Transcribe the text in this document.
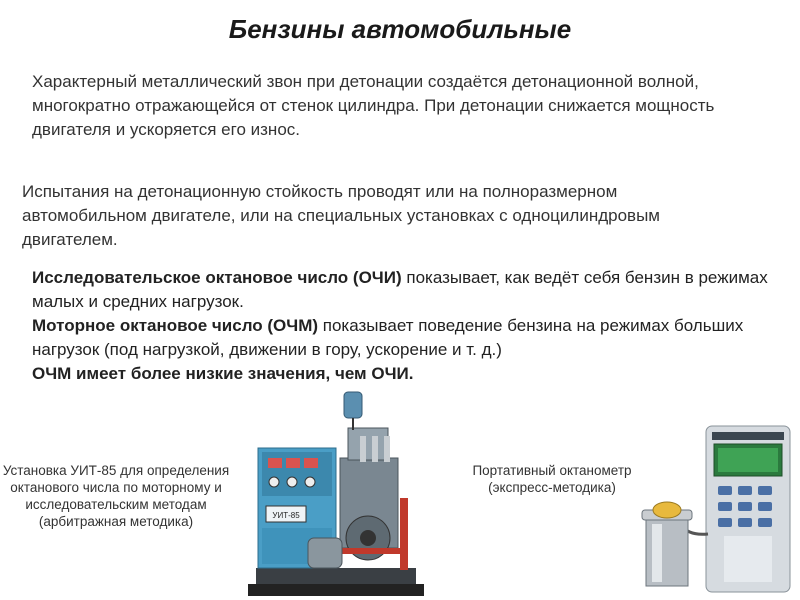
Бензины автомобильные
Характерный металлический звон при детонации создаётся детонационной волной, многократно отражающейся от стенок цилиндра. При детонации снижается мощность двигателя и ускоряется его износ.
Испытания на детонационную стойкость проводят или на полноразмерном автомобильном двигателе, или на специальных установках с одноцилиндровым двигателем.
Исследовательское октановое число (ОЧИ) показывает, как ведёт себя бензин в режимах малых и средних нагрузок.
Моторное октановое число (ОЧМ) показывает поведение бензина на режимах больших нагрузок (под нагрузкой, движении в гору, ускорение и т. д.)
ОЧМ имеет более низкие значения, чем ОЧИ.
УИТ-85
Установка УИТ-85 для определения октанового числа по моторному и исследовательским методам (арбитражная методика)
Портативный октанометр (экспресс-методика)
